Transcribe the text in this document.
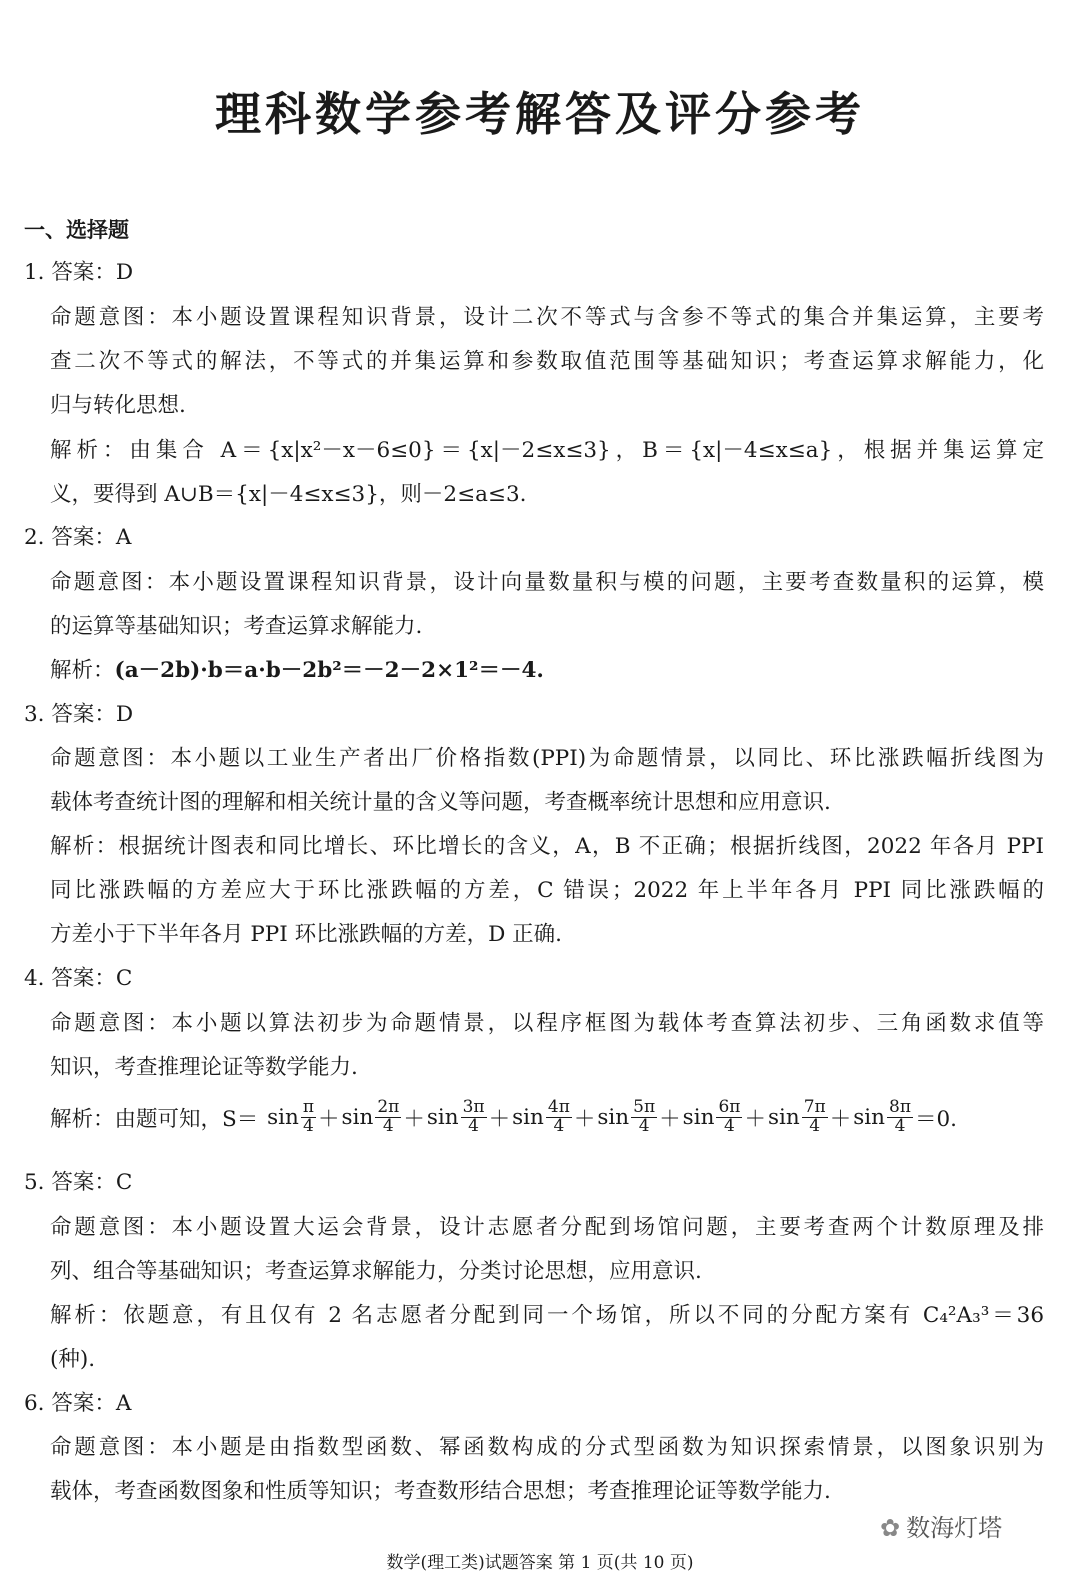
理科数学参考解答及评分参考
一、选择题
1. 答案：D
命题意图：本小题设置课程知识背景，设计二次不等式与含参不等式的集合并集运算，主要考
查二次不等式的解法，不等式的并集运算和参数取值范围等基础知识；考查运算求解能力，化
归与转化思想.
解析：由集合 A＝{x|x²－x－6≤0}＝{x|－2≤x≤3}，B＝{x|－4≤x≤a}，根据并集运算定
义，要得到 A∪B＝{x|－4≤x≤3}，则－2≤a≤3.
2. 答案：A
命题意图：本小题设置课程知识背景，设计向量数量积与模的问题，主要考查数量积的运算，模
的运算等基础知识；考查运算求解能力.
解析：(a－2b)·b＝a·b－2b²＝－2－2×1²＝－4.
3. 答案：D
命题意图：本小题以工业生产者出厂价格指数(PPI)为命题情景，以同比、环比涨跌幅折线图为
载体考查统计图的理解和相关统计量的含义等问题，考查概率统计思想和应用意识.
解析：根据统计图表和同比增长、环比增长的含义，A，B 不正确；根据折线图，2022 年各月 PPI
同比涨跌幅的方差应大于环比涨跌幅的方差，C 错误；2022 年上半年各月 PPI 同比涨跌幅的
方差小于下半年各月 PPI 环比涨跌幅的方差，D 正确.
4. 答案：C
命题意图：本小题以算法初步为命题情景，以程序框图为载体考查算法初步、三角函数求值等
知识，考查推理论证等数学能力.
解析：由题可知，$S= \sin \frac{\pi}{4} +\sin \frac{2\pi}{4} +\sin \frac{3\pi}{4} +\sin \frac{4\pi}{4} +\sin \frac{5\pi}{4} +\sin \frac{6\pi}{4} +\sin \frac{7\pi}{4} +\sin \frac{8\pi}{4} =0$.
5. 答案：C
命题意图：本小题设置大运会背景，设计志愿者分配到场馆问题，主要考查两个计数原理及排
列、组合等基础知识；考查运算求解能力，分类讨论思想，应用意识.
解析：依题意，有且仅有 2 名志愿者分配到同一个场馆，所以不同的分配方案有 C₄²A₃³＝36
(种).
6. 答案：A
命题意图：本小题是由指数型函数、幂函数构成的分式型函数为知识探索情景，以图象识别为
载体，考查函数图象和性质等知识；考查数形结合思想；考查推理论证等数学能力.
✿ 数海灯塔
数学(理工类)试题答案 第 1 页(共 10 页)
